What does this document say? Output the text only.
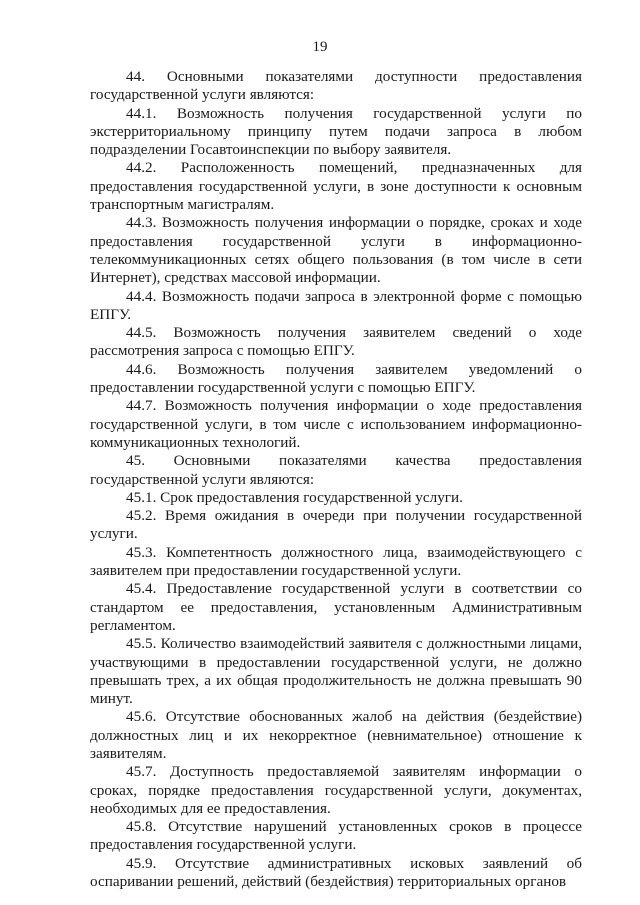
19

44. Основными показателями доступности предоставления государственной услуги являются:

44.1. Возможность получения государственной услуги по экстерриториальному принципу путем подачи запроса в любом подразделении Госавтоинспекции по выбору заявителя.

44.2. Расположенность помещений, предназначенных для предоставления государственной услуги, в зоне доступности к основным транспортным магистралям.

44.3. Возможность получения информации о порядке, сроках и ходе предоставления государственной услуги в информационно-телекоммуникационных сетях общего пользования (в том числе в сети Интернет), средствах массовой информации.

44.4. Возможность подачи запроса в электронной форме с помощью ЕПГУ.

44.5. Возможность получения заявителем сведений о ходе рассмотрения запроса с помощью ЕПГУ.

44.6. Возможность получения заявителем уведомлений о предоставлении государственной услуги с помощью ЕПГУ.

44.7. Возможность получения информации о ходе предоставления государственной услуги, в том числе с использованием информационно-коммуникационных технологий.

45. Основными показателями качества предоставления государственной услуги являются:

45.1. Срок предоставления государственной услуги.

45.2. Время ожидания в очереди при получении государственной услуги.

45.3. Компетентность должностного лица, взаимодействующего с заявителем при предоставлении государственной услуги.

45.4. Предоставление государственной услуги в соответствии со стандартом ее предоставления, установленным Административным регламентом.

45.5. Количество взаимодействий заявителя с должностными лицами, участвующими в предоставлении государственной услуги, не должно превышать трех, а их общая продолжительность не должна превышать 90 минут.

45.6. Отсутствие обоснованных жалоб на действия (бездействие) должностных лиц и их некорректное (невнимательное) отношение к заявителям.

45.7. Доступность предоставляемой заявителям информации о сроках, порядке предоставления государственной услуги, документах, необходимых для ее предоставления.

45.8. Отсутствие нарушений установленных сроков в процессе предоставления государственной услуги.

45.9. Отсутствие административных исковых заявлений об оспаривании решений, действий (бездействия) территориальных органов
